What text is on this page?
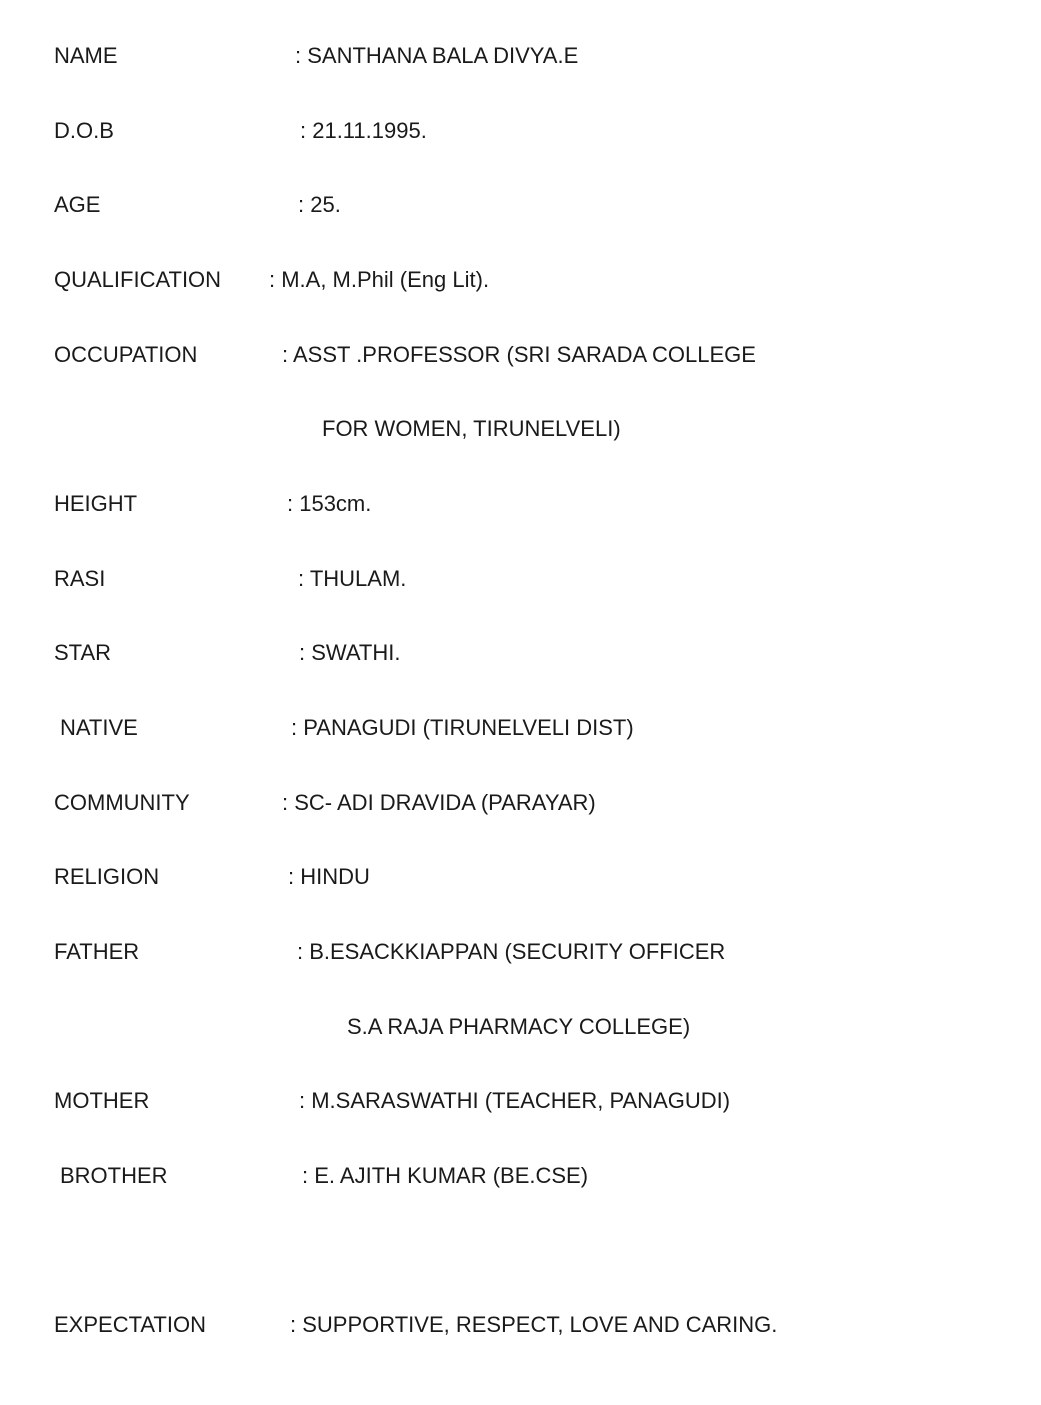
NAME	: SANTHANA BALA DIVYA.E

D.O.B	: 21.11.1995.

AGE	: 25.

QUALIFICATION : M.A, M.Phil (Eng Lit).

OCCUPATION	: ASST .PROFESSOR (SRI SARADA COLLEGE

FOR WOMEN, TIRUNELVELI)

HEIGHT	: 153cm.

RASI	: THULAM.

STAR	: SWATHI.

NATIVE	: PANAGUDI (TIRUNELVELI DIST)

COMMUNITY	: SC- ADI DRAVIDA (PARAYAR)

RELIGION	: HINDU

FATHER	: B.ESACKKIAPPAN (SECURITY OFFICER

S.A RAJA PHARMACY COLLEGE)

MOTHER	: M.SARASWATHI (TEACHER, PANAGUDI)

BROTHER	: E. AJITH KUMAR (BE.CSE)

EXPECTATION	: SUPPORTIVE, RESPECT, LOVE AND CARING.
